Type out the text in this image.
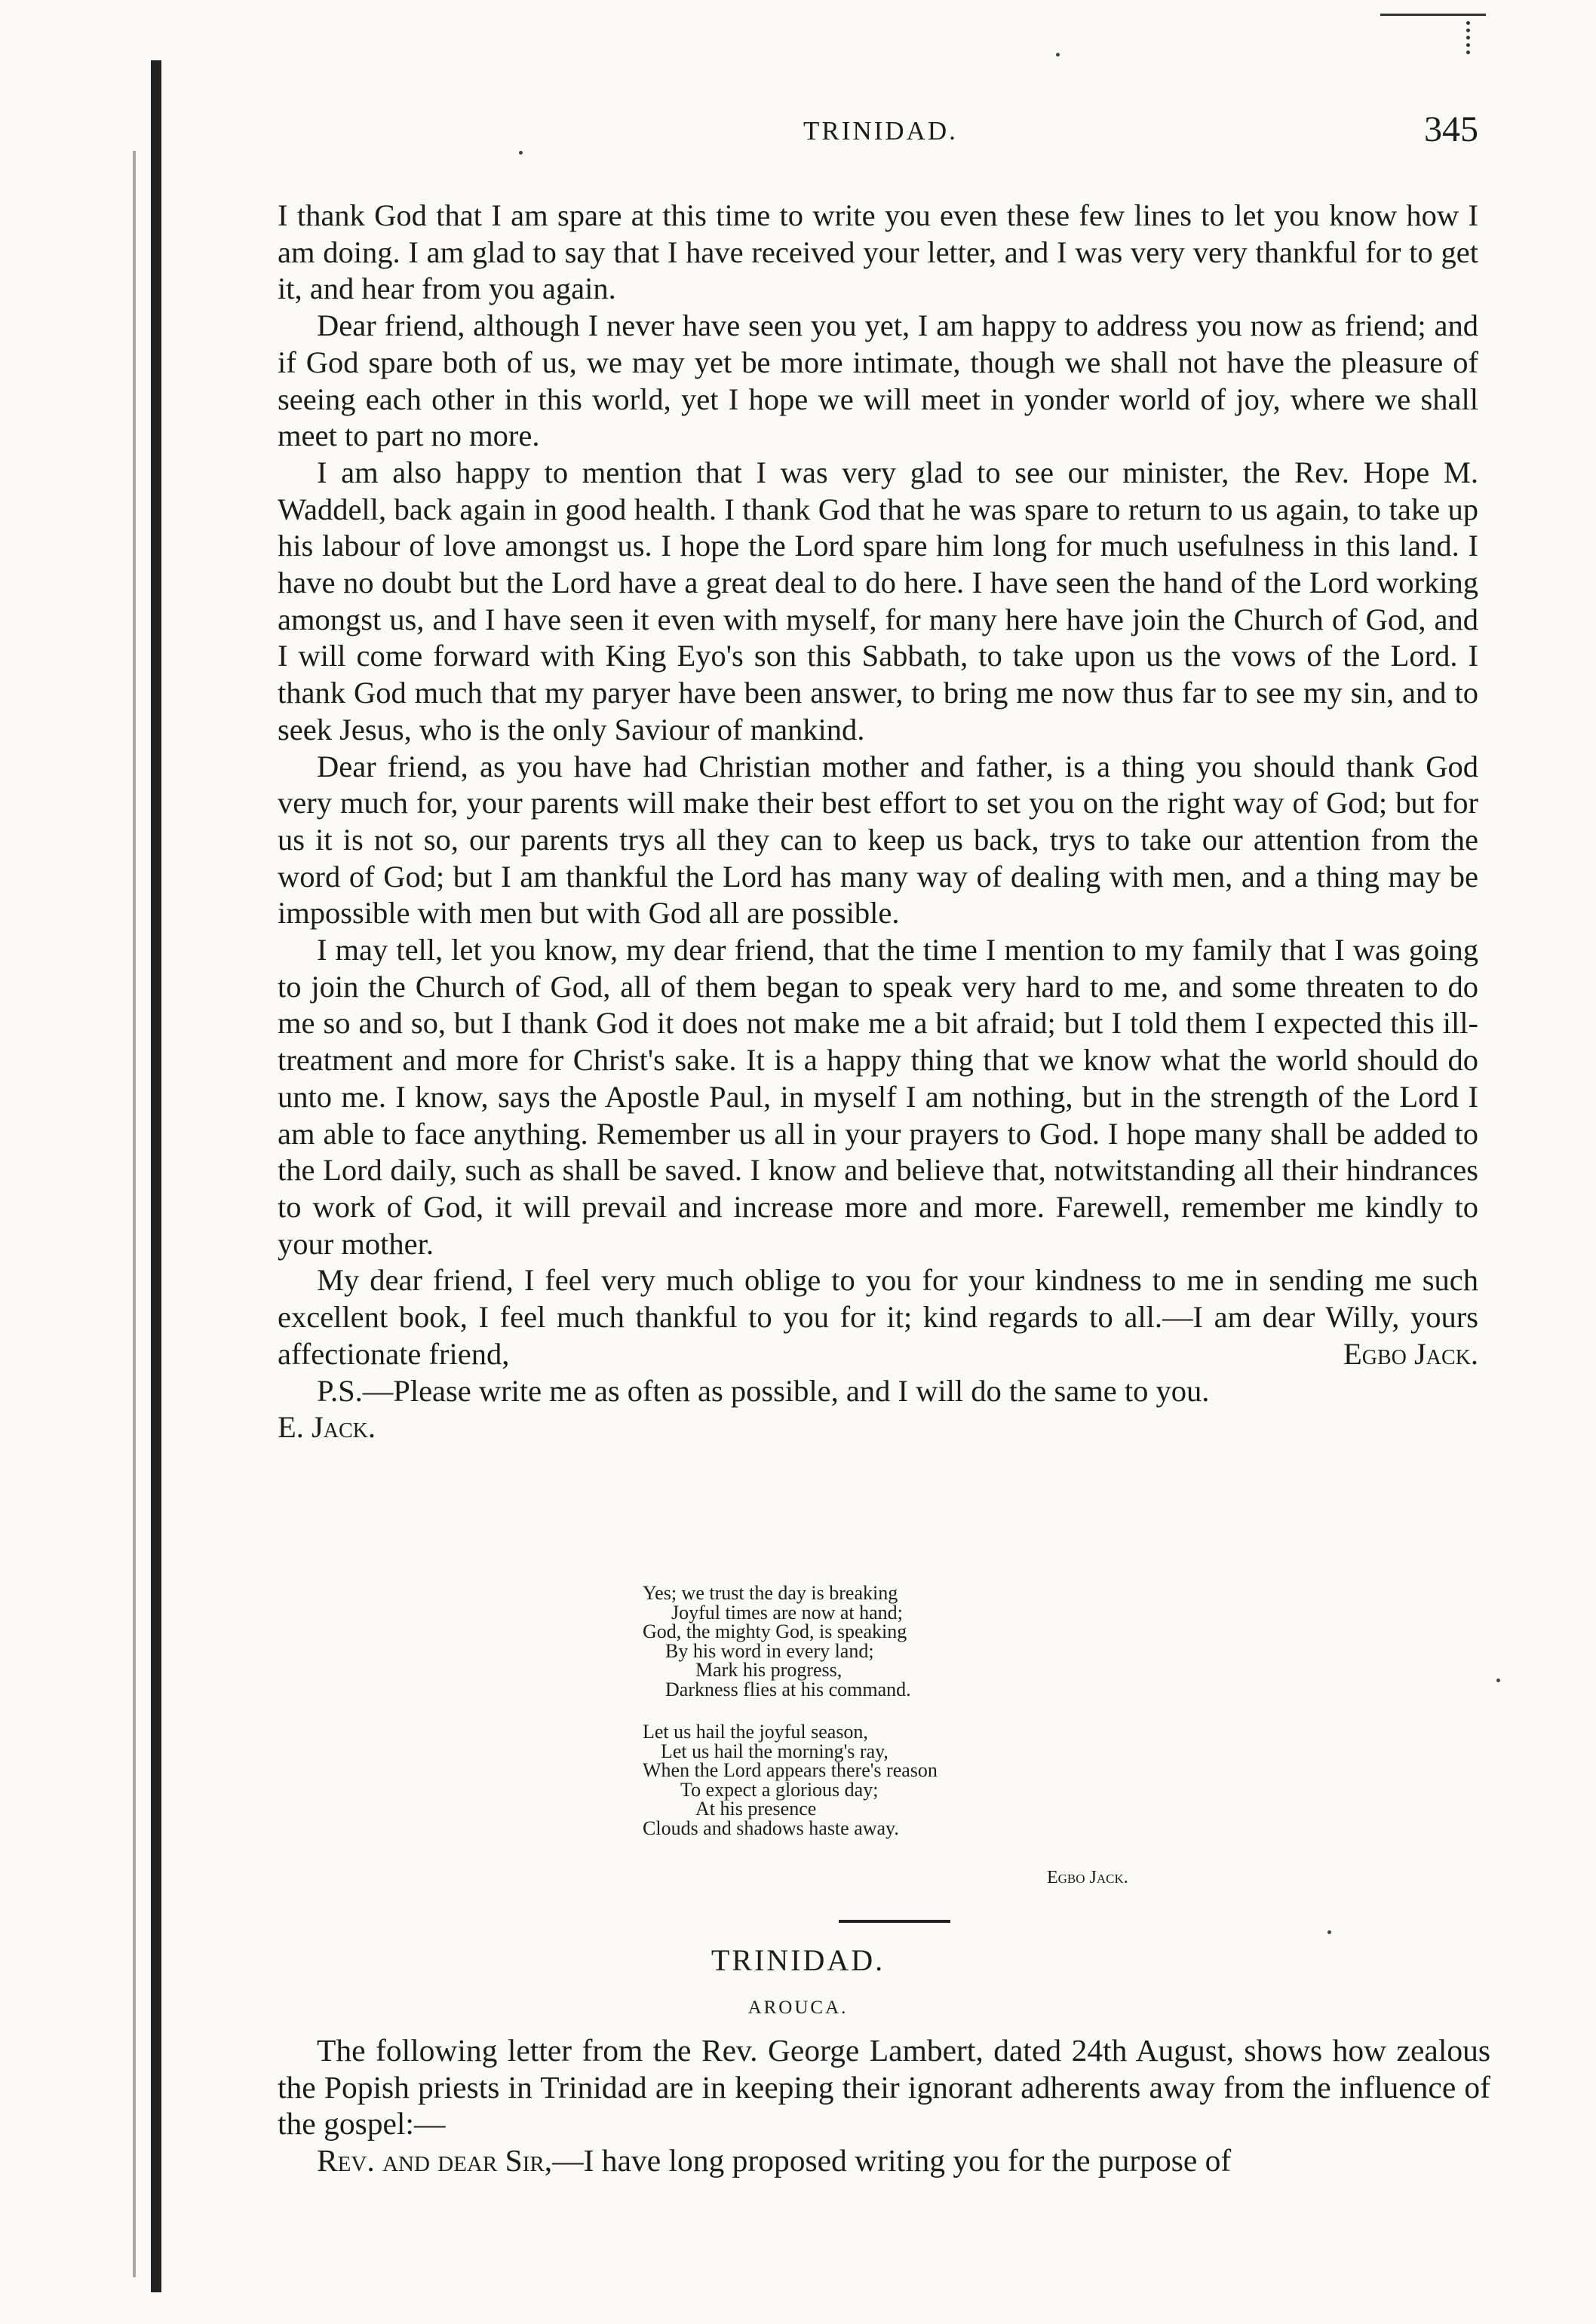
TRINIDAD.	345

I thank God that I am spare at this time to write you even these few lines to let you know how I am doing. I am glad to say that I have received your letter, and I was very very thankful for to get it, and hear from you again.

Dear friend, although I never have seen you yet, I am happy to address you now as friend; and if God spare both of us, we may yet be more intimate, though we shall not have the pleasure of seeing each other in this world, yet I hope we will meet in yonder world of joy, where we shall meet to part no more.

I am also happy to mention that I was very glad to see our minister, the Rev. Hope M. Waddell, back again in good health. I thank God that he was spare to return to us again, to take up his labour of love amongst us. I hope the Lord spare him long for much usefulness in this land. I have no doubt but the Lord have a great deal to do here. I have seen the hand of the Lord working amongst us, and I have seen it even with myself, for many here have join the Church of God, and I will come forward with King Eyo's son this Sabbath, to take upon us the vows of the Lord. I thank God much that my paryer have been answer, to bring me now thus far to see my sin, and to seek Jesus, who is the only Saviour of mankind.

Dear friend, as you have had Christian mother and father, is a thing you should thank God very much for, your parents will make their best effort to set you on the right way of God; but for us it is not so, our parents trys all they can to keep us back, trys to take our attention from the word of God; but I am thankful the Lord has many way of dealing with men, and a thing may be impossible with men but with God all are possible.

I may tell, let you know, my dear friend, that the time I mention to my family that I was going to join the Church of God, all of them began to speak very hard to me, and some threaten to do me so and so, but I thank God it does not make me a bit afraid; but I told them I expected this ill-treatment and more for Christ's sake. It is a happy thing that we know what the world should do unto me. I know, says the Apostle Paul, in myself I am nothing, but in the strength of the Lord I am able to face anything. Remember us all in your prayers to God. I hope many shall be added to the Lord daily, such as shall be saved. I know and believe that, notwitstanding all their hindrances to work of God, it will prevail and increase more and more. Farewell, remember me kindly to your mother.

My dear friend, I feel very much oblige to you for your kindness to me in sending me such excellent book, I feel much thankful to you for it; kind regards to all.—I am dear Willy, yours affectionate friend,	Egbo Jack.

P.S.—Please write me as often as possible, and I will do the same to you.

E. Jack.

Yes; we trust the day is breaking
Joyful times are now at hand;
God, the mighty God, is speaking
By his word in every land;
Mark his progress,
Darkness flies at his command.
Let us hail the joyful season,
Let us hail the morning's ray,
When the Lord appears there's reason
To expect a glorious day;
At his presence
Clouds and shadows haste away.
Egbo Jack.
TRINIDAD.
AROUCA.

The following letter from the Rev. George Lambert, dated 24th August, shows how zealous the Popish priests in Trinidad are in keeping their ignorant adherents away from the influence of the gospel:—

Rev. and dear Sir,—I have long proposed writing you for the purpose of
